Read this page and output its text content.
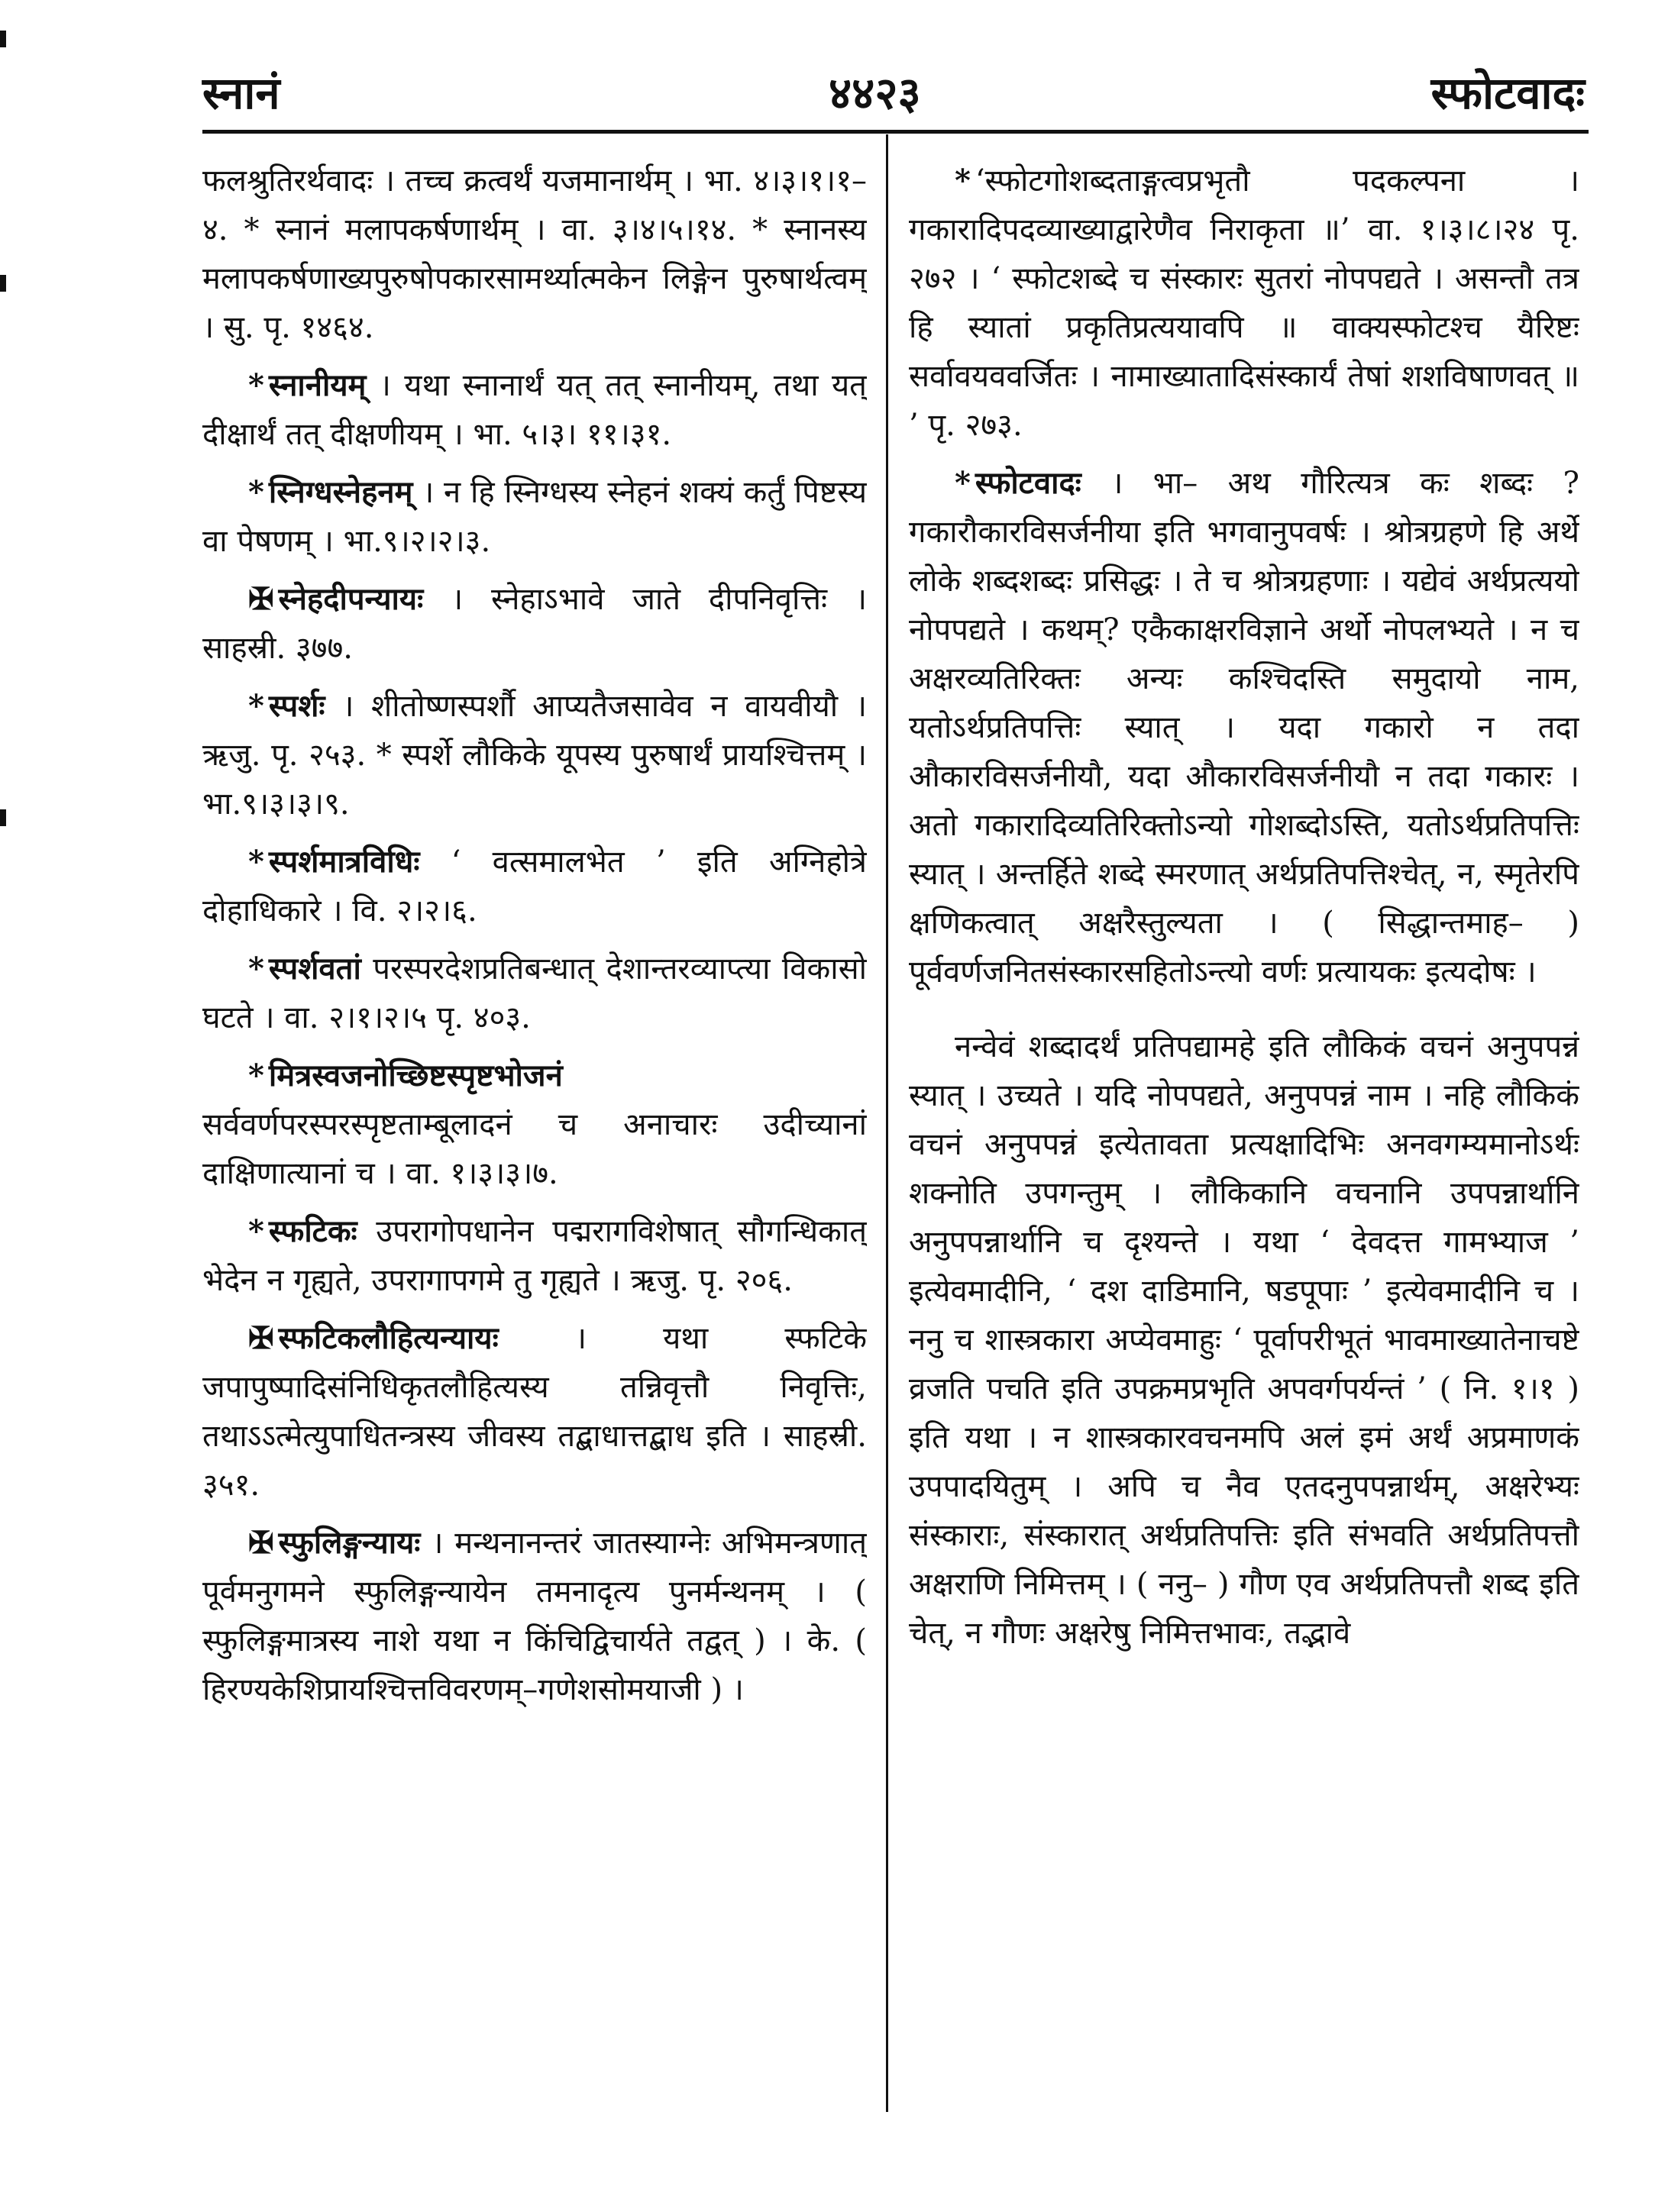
स्नानं	४४२३	स्फोटवादः

फलश्रुतिरर्थवादः । तच्च क्रत्वर्थं यजमानार्थम् । भा. ४।३।१।१–४. * स्नानं मलापकर्षणार्थम् । वा. ३।४।५।१४. * स्नानस्य मलापकर्षणाख्यपुरुषोपकारसामर्थ्यात्मकेन लिङ्गेन पुरुषार्थत्वम् । सु. पृ. १४६४.

* स्नानीयम् । यथा स्नानार्थं यत् तत् स्नानीयम्, तथा यत् दीक्षार्थं तत् दीक्षणीयम् । भा. ५।३। ११।३१.

* स्निग्धस्नेहनम् । न हि स्निग्धस्य स्नेहनं शक्यं कर्तुं पिष्टस्य वा पेषणम् । भा.९।२।२।३.

✠ स्नेहदीपन्यायः । स्नेहाऽभावे जाते दीपनिवृत्तिः । साहस्री. ३७७.

* स्पर्शः । शीतोष्णस्पर्शौ आप्यतैजसावेव न वायवीयौ । ऋजु. पृ. २५३. * स्पर्शे लौकिके यूपस्य पुरुषार्थं प्रायश्चित्तम् । भा.९।३।३।९.

* स्पर्शमात्रविधिः ‘ वत्समालभेत ’ इति अग्निहोत्रे दोहाधिकारे । वि. २।२।६.

* स्पर्शवतां परस्परदेशप्रतिबन्धात् देशान्तरव्याप्त्या विकासो घटते । वा. २।१।२।५ पृ. ४०३.

* मित्रस्वजनोच्छिष्टस्पृष्टभोजनं सर्ववर्णपरस्परस्पृष्टताम्बूलादनं च अनाचारः उदीच्यानां दाक्षिणात्यानां च । वा. १।३।३।७.

* स्फटिकः उपरागोपधानेन पद्मरागविशेषात् सौगन्धिकात् भेदेन न गृह्यते, उपरागापगमे तु गृह्यते । ऋजु. पृ. २०६.

✠ स्फटिकलौहित्यन्यायः	। यथा स्फटिके जपापुष्पादिसंनिधिकृतलौहित्यस्य तन्निवृत्तौ निवृत्तिः, तथाऽऽत्मेत्युपाधितन्त्रस्य जीवस्य तद्बाधात्तद्बाध इति । साहस्री. ३५१.

✠ स्फुलिङ्गन्यायः । मन्थनानन्तरं जातस्याग्नेः अभिमन्त्रणात् पूर्वमनुगमने स्फुलिङ्गन्यायेन तमनादृत्य पुनर्मन्थनम् । ( स्फुलिङ्गमात्रस्य नाशे यथा न किंचिद्विचार्यते तद्वत् ) । के. ( हिरण्यकेशिप्रायश्चित्तविवरणम्–गणेशसोमयाजी ) ।

* ‘स्फोटगोशब्दताङ्गत्वप्रभृतौ पदकल्पना । गकारादिपदव्याख्याद्वारेणैव निराकृता ॥’ वा. १।३।८।२४ पृ. २७२ । ‘ स्फोटशब्दे च संस्कारः सुतरां नोपपद्यते । असन्तौ तत्र हि स्यातां प्रकृतिप्रत्ययावपि ॥ वाक्यस्फोटश्च यैरिष्टः सर्वावयववर्जितः । नामाख्यातादिसंस्कार्यं तेषां शशविषाणवत् ॥ ’ पृ. २७३.

* स्फोटवादः । भा– अथ गौरित्यत्र कः शब्दः ? गकारौकारविसर्जनीया इति भगवानुपवर्षः । श्रोत्रग्रहणे हि अर्थे लोके शब्दशब्दः प्रसिद्धः । ते च श्रोत्रग्रहणाः । यद्येवं अर्थप्रत्ययो नोपपद्यते । कथम्? एकैकाक्षरविज्ञाने अर्थो नोपलभ्यते । न च अक्षरव्यतिरिक्तः अन्यः कश्चिदस्ति समुदायो नाम, यतोऽर्थप्रतिपत्तिः स्यात् । यदा गकारो न तदा औकारविसर्जनीयौ, यदा औकारविसर्जनीयौ न तदा गकारः । अतो गकारादिव्यतिरिक्तोऽन्यो गोशब्दोऽस्ति, यतोऽर्थप्रतिपत्तिः स्यात् । अन्तर्हिते शब्दे स्मरणात् अर्थप्रतिपत्तिश्चेत्, न, स्मृतेरपि क्षणिकत्वात् अक्षरैस्तुल्यता । ( सिद्धान्तमाह– ) पूर्ववर्णजनितसंस्कारसहितोऽन्त्यो वर्णः प्रत्यायकः इत्यदोषः ।

नन्वेवं शब्दादर्थं प्रतिपद्यामहे इति लौकिकं वचनं अनुपपन्नं स्यात् । उच्यते । यदि नोपपद्यते, अनुपपन्नं नाम । नहि लौकिकं वचनं अनुपपन्नं इत्येतावता प्रत्यक्षादिभिः अनवगम्यमानोऽर्थः शक्नोति उपगन्तुम् । लौकिकानि वचनानि उपपन्नार्थानि अनुपपन्नार्थानि च दृश्यन्ते । यथा ‘ देवदत्त गामभ्याज ’ इत्येवमादीनि, ‘ दश दाडिमानि, षडपूपाः ’ इत्येवमादीनि च । ननु च शास्त्रकारा अप्येवमाहुः ‘ पूर्वापरीभूतं भावमाख्यातेनाचष्टे व्रजति पचति इति उपक्रमप्रभृति अपवर्गपर्यन्तं ’ ( नि. १।१ ) इति यथा । न शास्त्रकारवचनमपि अलं इमं अर्थं अप्रमाणकं उपपादयितुम् । अपि च नैव एतदनुपपन्नार्थम्, अक्षरेभ्यः संस्काराः, संस्कारात् अर्थप्रतिपत्तिः इति संभवति अर्थप्रतिपत्तौ अक्षराणि निमित्तम् । ( ननु– ) गौण एव अर्थप्रतिपत्तौ शब्द इति चेत्, न गौणः अक्षरेषु निमित्तभावः, तद्भावे
